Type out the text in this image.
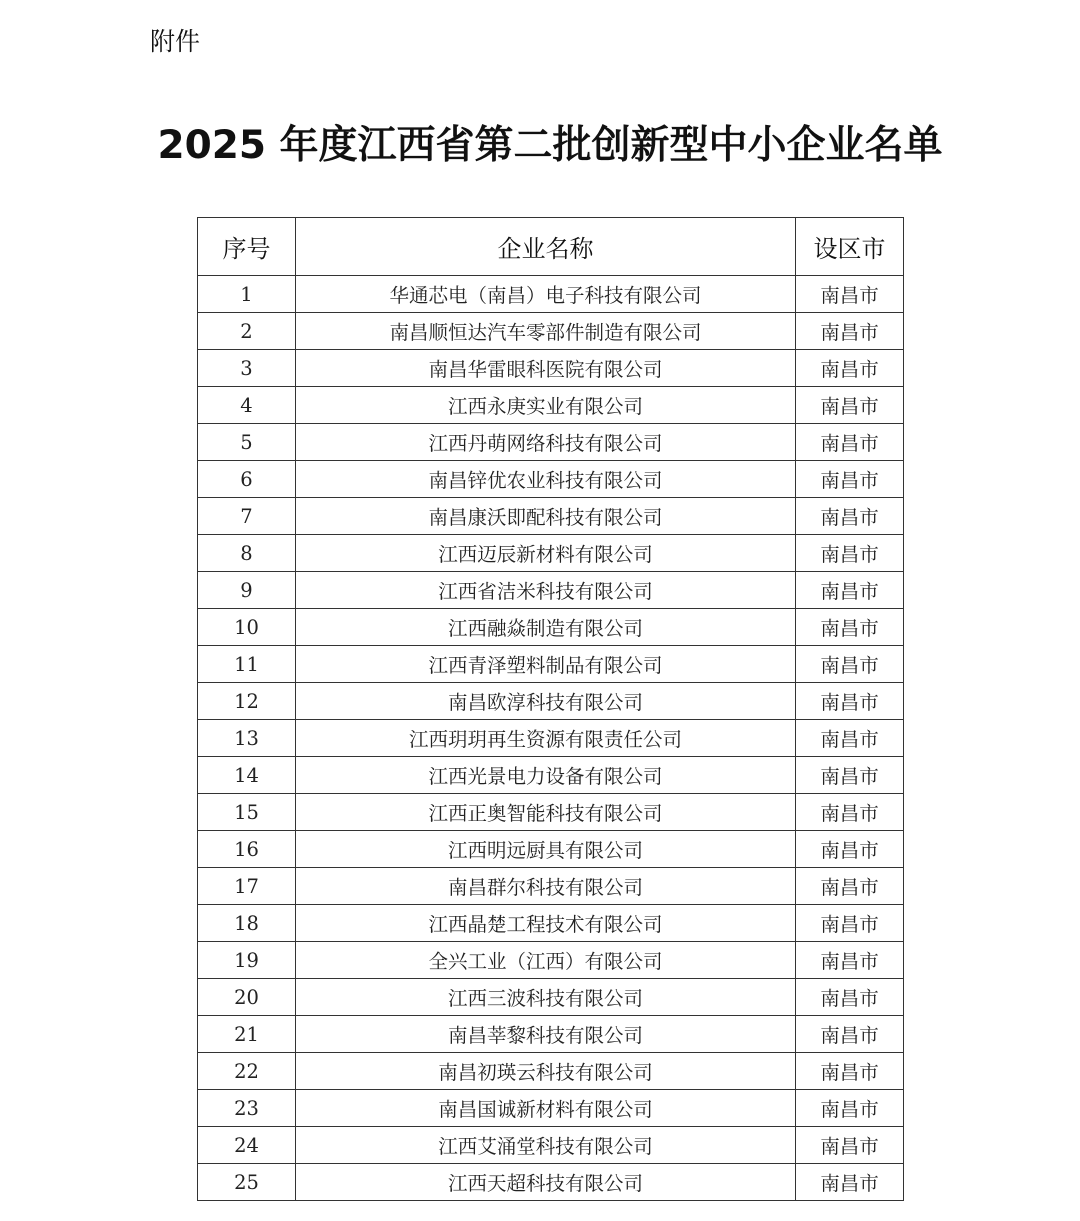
附件
2025 年度江西省第二批创新型中小企业名单
序号	企业名称	设区市
1	华通芯电（南昌）电子科技有限公司	南昌市
2	南昌顺恒达汽车零部件制造有限公司	南昌市
3	南昌华雷眼科医院有限公司	南昌市
4	江西永庚实业有限公司	南昌市
5	江西丹萌网络科技有限公司	南昌市
6	南昌锌优农业科技有限公司	南昌市
7	南昌康沃即配科技有限公司	南昌市
8	江西迈辰新材料有限公司	南昌市
9	江西省洁米科技有限公司	南昌市
10	江西融焱制造有限公司	南昌市
11	江西青泽塑料制品有限公司	南昌市
12	南昌欧淳科技有限公司	南昌市
13	江西玥玥再生资源有限责任公司	南昌市
14	江西光景电力设备有限公司	南昌市
15	江西正奥智能科技有限公司	南昌市
16	江西明远厨具有限公司	南昌市
17	南昌群尔科技有限公司	南昌市
18	江西晶楚工程技术有限公司	南昌市
19	全兴工业（江西）有限公司	南昌市
20	江西三波科技有限公司	南昌市
21	南昌莘黎科技有限公司	南昌市
22	南昌初瑛云科技有限公司	南昌市
23	南昌国诚新材料有限公司	南昌市
24	江西艾涌堂科技有限公司	南昌市
25	江西天超科技有限公司	南昌市
